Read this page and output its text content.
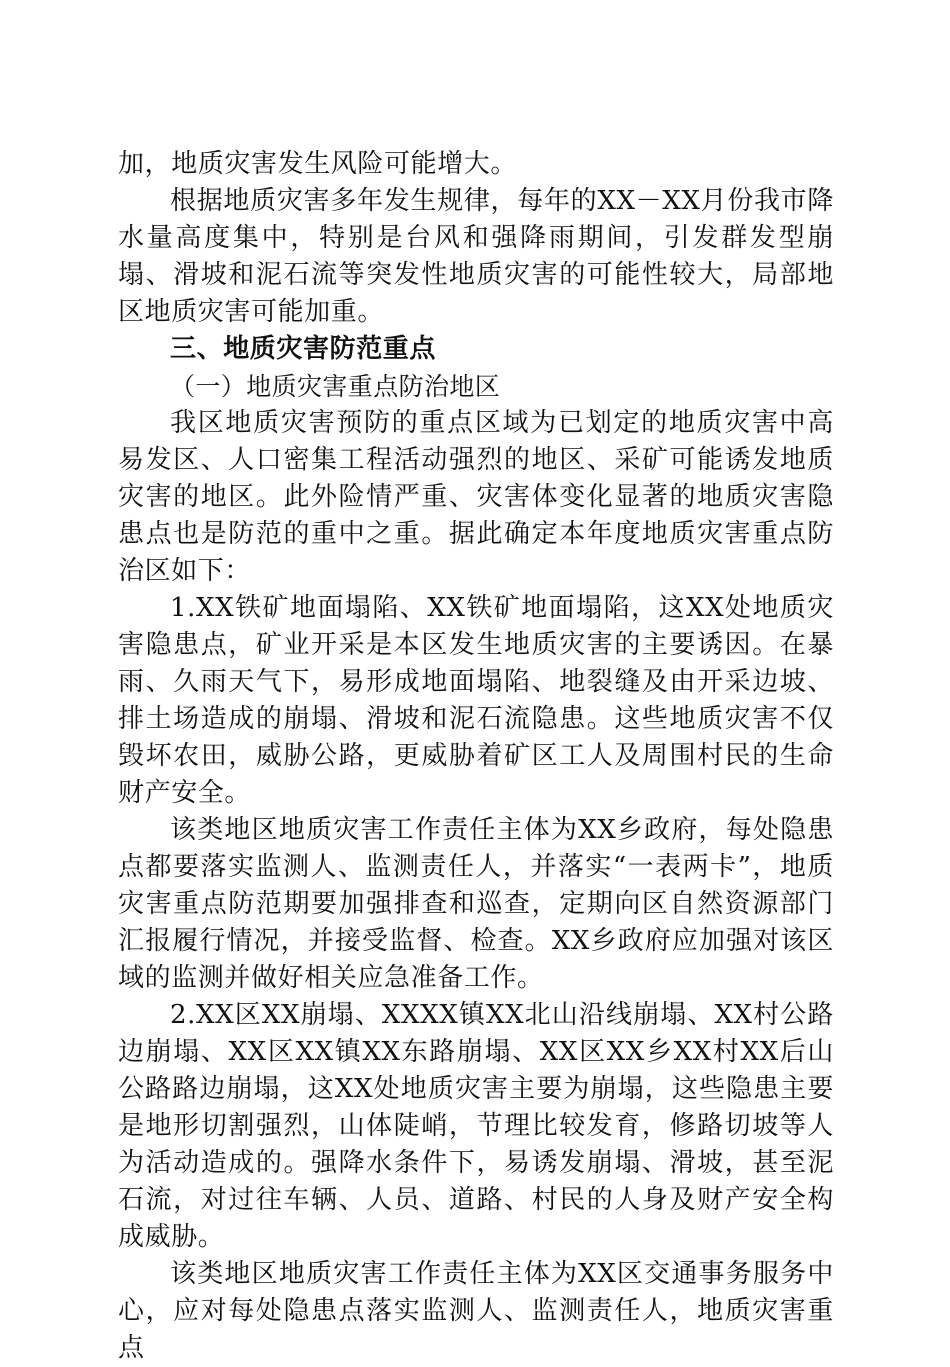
加，地质灾害发生风险可能增大。

根据地质灾害多年发生规律，每年的XX－XX月份我市降水量高度集中，特别是台风和强降雨期间，引发群发型崩塌、滑坡和泥石流等突发性地质灾害的可能性较大，局部地区地质灾害可能加重。

三、地质灾害防范重点
（一）地质灾害重点防治地区

我区地质灾害预防的重点区域为已划定的地质灾害中高易发区、人口密集工程活动强烈的地区、采矿可能诱发地质灾害的地区。此外险情严重、灾害体变化显著的地质灾害隐患点也是防范的重中之重。据此确定本年度地质灾害重点防治区如下：

1.XX铁矿地面塌陷、XX铁矿地面塌陷，这XX处地质灾害隐患点，矿业开采是本区发生地质灾害的主要诱因。在暴雨、久雨天气下，易形成地面塌陷、地裂缝及由开采边坡、排土场造成的崩塌、滑坡和泥石流隐患。这些地质灾害不仅毁坏农田，威胁公路，更威胁着矿区工人及周围村民的生命财产安全。

该类地区地质灾害工作责任主体为XX乡政府，每处隐患点都要落实监测人、监测责任人，并落实“一表两卡”，地质灾害重点防范期要加强排查和巡查，定期向区自然资源部门汇报履行情况，并接受监督、检查。XX乡政府应加强对该区域的监测并做好相关应急准备工作。

2.XX区XX崩塌、XXXX镇XX北山沿线崩塌、XX村公路边崩塌、XX区XX镇XX东路崩塌、XX区XX乡XX村XX后山公路路边崩塌，这XX处地质灾害主要为崩塌，这些隐患主要是地形切割强烈，山体陡峭，节理比较发育，修路切坡等人为活动造成的。强降水条件下，易诱发崩塌、滑坡，甚至泥石流，对过往车辆、人员、道路、村民的人身及财产安全构成威胁。

该类地区地质灾害工作责任主体为XX区交通事务服务中心，应对每处隐患点落实监测人、监测责任人，地质灾害重点
